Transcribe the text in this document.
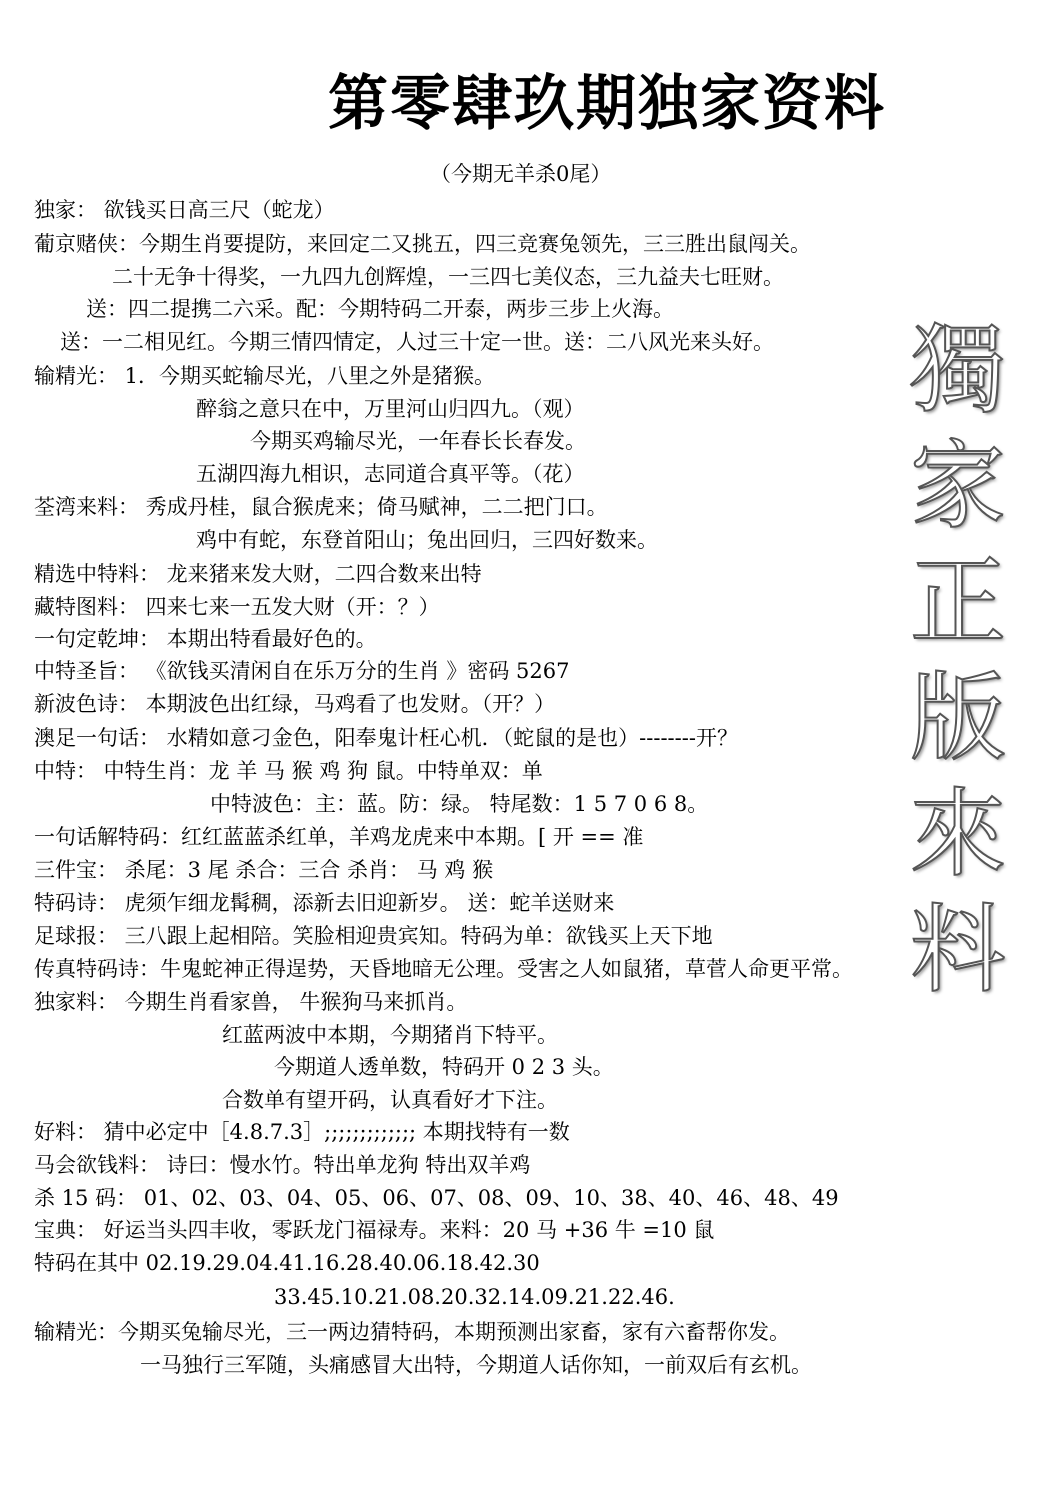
第零肆玖期独家资料
（今期无羊杀0尾）
獨
家
正
版
來
料
独家： 欲钱买日高三尺（蛇龙）
葡京赌侠：今期生肖要提防，来回定二又挑五，四三竞赛兔领先，三三胜出鼠闯关。
二十无争十得奖，一九四九创辉煌，一三四七美仪态，三九益夫七旺财。
送：四二提携二六采。配：今期特码二开泰，两步三步上火海。
送：一二相见红。今期三情四情定，人过三十定一世。送：二八风光来头好。
输精光： 1．今期买蛇输尽光，八里之外是猪猴。
醉翁之意只在中，万里河山归四九。（观）
今期买鸡输尽光，一年春长长春发。
五湖四海九相识，志同道合真平等。（花）
荃湾来料： 秀成丹桂，鼠合猴虎来；倚马赋神，二二把门口。
鸡中有蛇，东登首阳山；兔出回归，三四好数来。
精选中特料： 龙来猪来发大财，二四合数来出特
藏特图料： 四来七来一五发大财（开：？）
一句定乾坤： 本期出特看最好色的。
中特圣旨： 《欲钱买清闲自在乐万分的生肖 》密码 5267
新波色诗： 本期波色出红绿，马鸡看了也发财。（开？）
澳足一句话： 水精如意刁金色，阳奉鬼计枉心机．（蛇鼠的是也）--------开？
中特： 中特生肖：龙 羊 马 猴 鸡 狗 鼠。中特单双：单
中特波色：主：蓝。防：绿。 特尾数：1 5 7 0 6 8。
一句话解特码：红红蓝蓝杀红单，羊鸡龙虎来中本期。[ 开 == 准
三件宝： 杀尾：3 尾 杀合：三合 杀肖： 马 鸡 猴
特码诗： 虎须乍细龙髯稠，添新去旧迎新岁。 送：蛇羊送财来
足球报： 三八跟上起相陪。笑脸相迎贵宾知。特码为单：欲钱买上天下地
传真特码诗：牛鬼蛇神正得逞势，天昏地暗无公理。受害之人如鼠猪，草菅人命更平常。
独家料： 今期生肖看家兽， 牛猴狗马来抓肖。
红蓝两波中本期，今期猪肖下特平。
今期道人透单数，特码开 0 2 3 头。
合数单有望开码，认真看好才下注。
好料： 猜中必定中［4.8.7.3］;;;;;;;;;;;;; 本期找特有一数
马会欲钱料： 诗曰：慢水竹。特出单龙狗 特出双羊鸡
杀 15 码： 01、02、03、04、05、06、07、08、09、10、38、40、46、48、49
宝典： 好运当头四丰收，零跃龙门福禄寿。来料：20 马 +36 牛 =10 鼠
特码在其中 02.19.29.04.41.16.28.40.06.18.42.30
33.45.10.21.08.20.32.14.09.21.22.46.
输精光：今期买兔输尽光，三一两边猜特码，本期预测出家畜，家有六畜帮你发。
一马独行三军随，头痛感冒大出特，今期道人话你知，一前双后有玄机。
